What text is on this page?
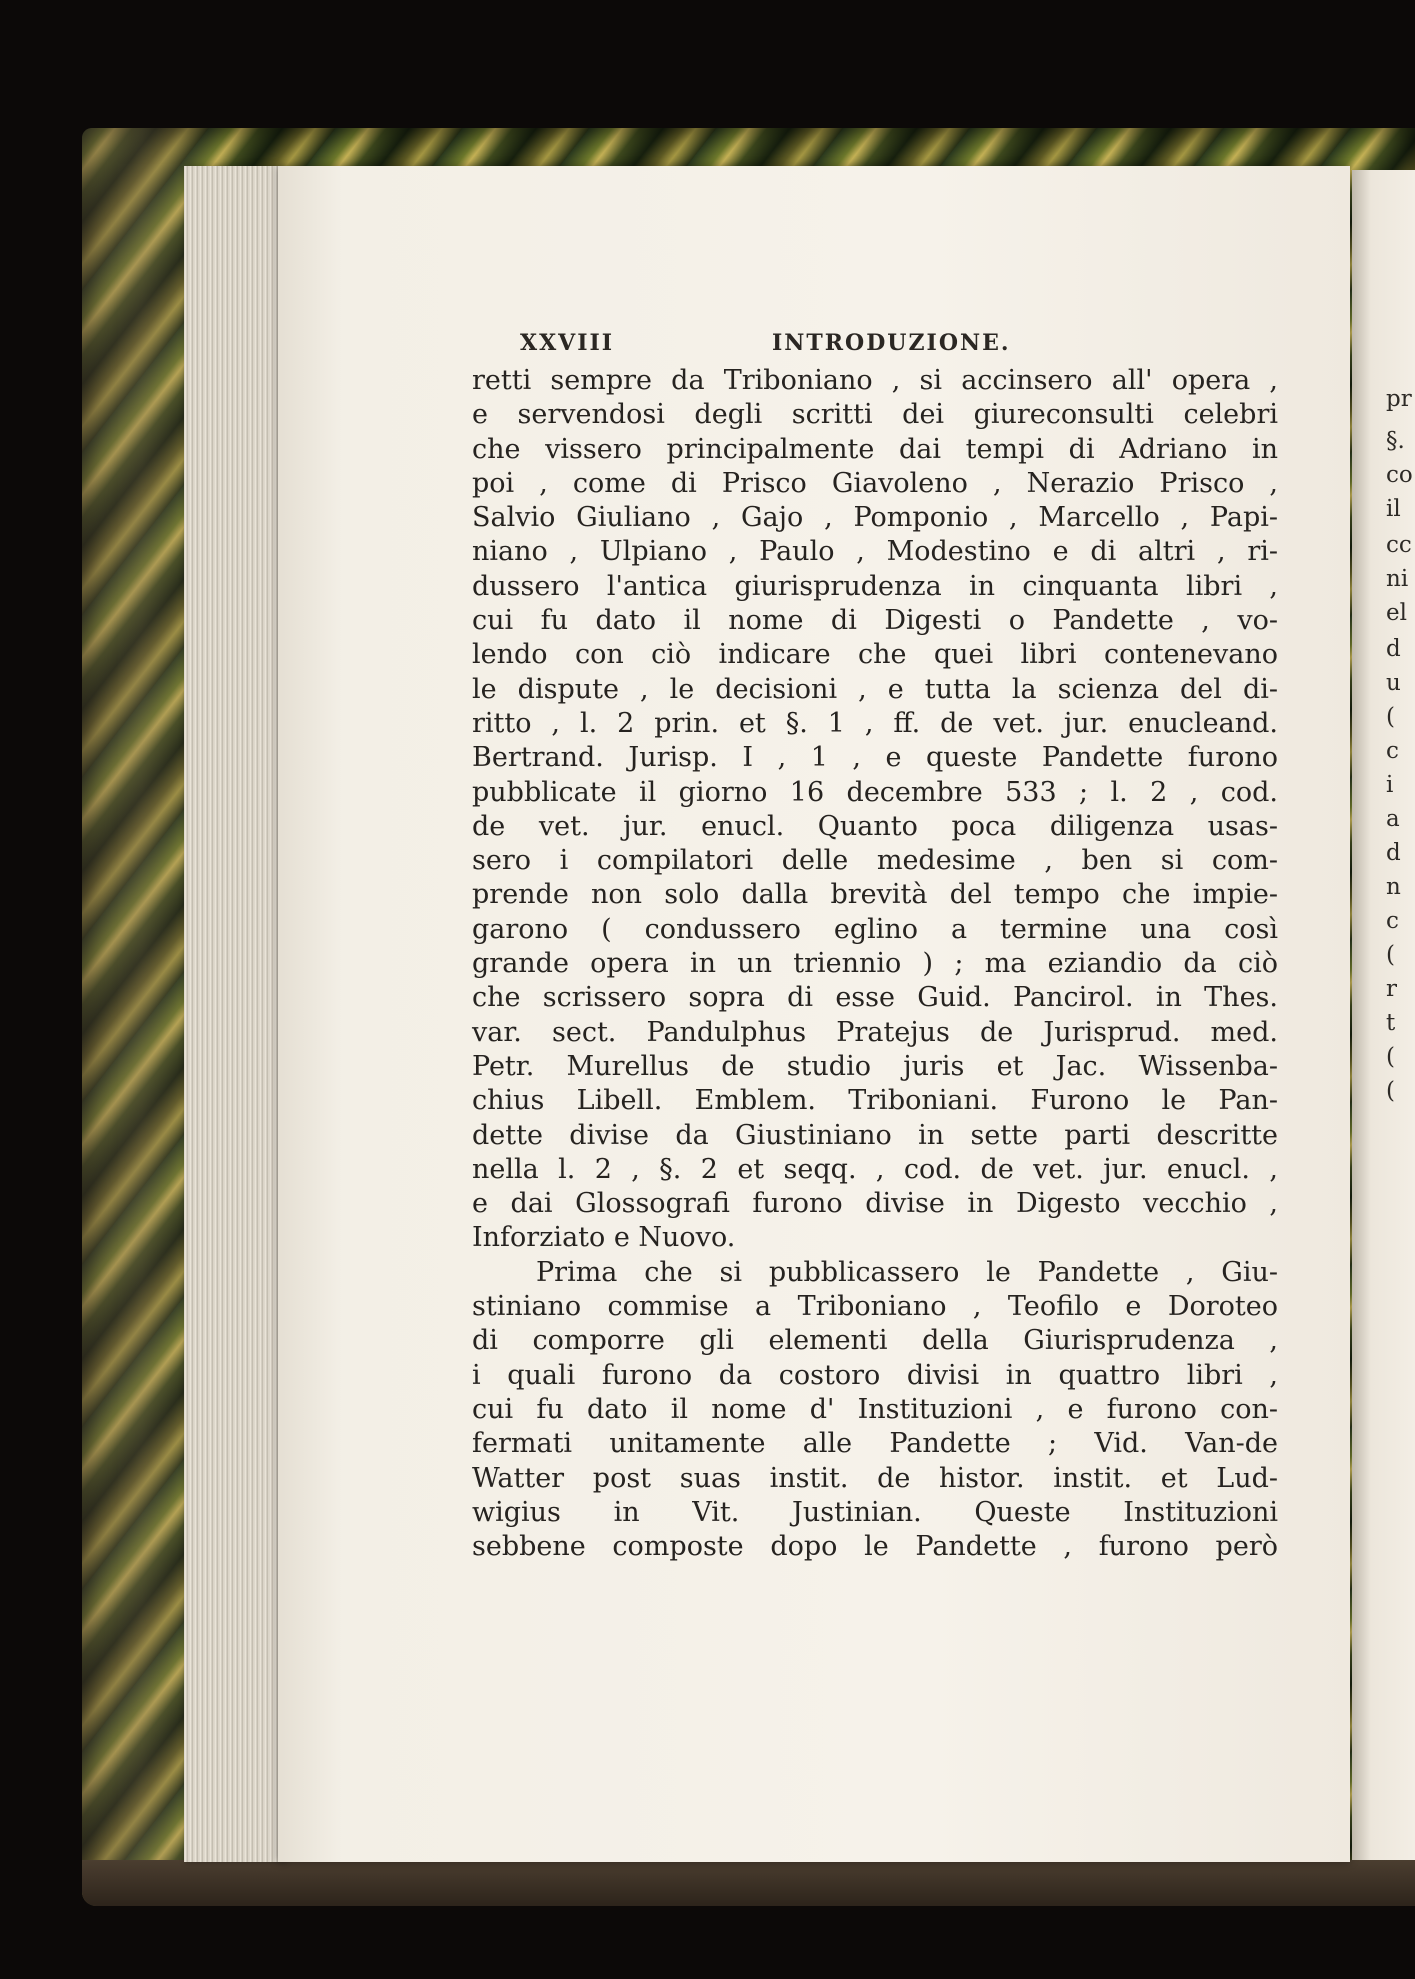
XXVIII	INTRODUZIONE.
retti sempre da Triboniano , si accinsero all' opera ,
e servendosi degli scritti dei giureconsulti celebri
che vissero principalmente dai tempi di Adriano in
poi , come di Prisco Giavoleno , Nerazio Prisco ,
Salvio Giuliano , Gajo , Pomponio , Marcello , Papi-
niano , Ulpiano , Paulo , Modestino e di altri , ri-
dussero l'antica giurisprudenza in cinquanta libri ,
cui fu dato il nome di Digesti o Pandette , vo-
lendo con ciò indicare che quei libri contenevano
le dispute , le decisioni , e tutta la scienza del di-
ritto , l. 2 prin. et §. 1 , ff. de vet. jur. enucleand.
Bertrand. Jurisp. I , 1 , e queste Pandette furono
pubblicate il giorno 16 decembre 533 ; l. 2 , cod.
de vet. jur. enucl. Quanto poca diligenza usas-
sero i compilatori delle medesime , ben si com-
prende non solo dalla brevità del tempo che impie-
garono ( condussero eglino a termine una così
grande opera in un triennio ) ; ma eziandio da ciò
che scrissero sopra di esse Guid. Pancirol. in Thes.
var. sect. Pandulphus Pratejus de Jurisprud. med.
Petr. Murellus de studio juris et Jac. Wissenba-
chius Libell. Emblem. Triboniani. Furono le Pan-
dette divise da Giustiniano in sette parti descritte
nella l. 2 , §. 2 et seqq. , cod. de vet. jur. enucl. ,
e dai Glossografi furono divise in Digesto vecchio ,
Inforziato e Nuovo.
Prima che si pubblicassero le Pandette , Giu-
stiniano commise a Triboniano , Teofilo e Doroteo
di comporre gli elementi della Giurisprudenza ,
i quali furono da costoro divisi in quattro libri ,
cui fu dato il nome d' Instituzioni , e furono con-
fermati unitamente alle Pandette ; Vid. Van-de
Watter post suas instit. de histor. instit. et Lud-
wigius in Vit. Justinian. Queste Instituzioni
sebbene composte dopo le Pandette , furono però
pr
§.
co
il
cc
ni
el
d
u
(
c
i
a
d
n
c
(
r
t
(
(
